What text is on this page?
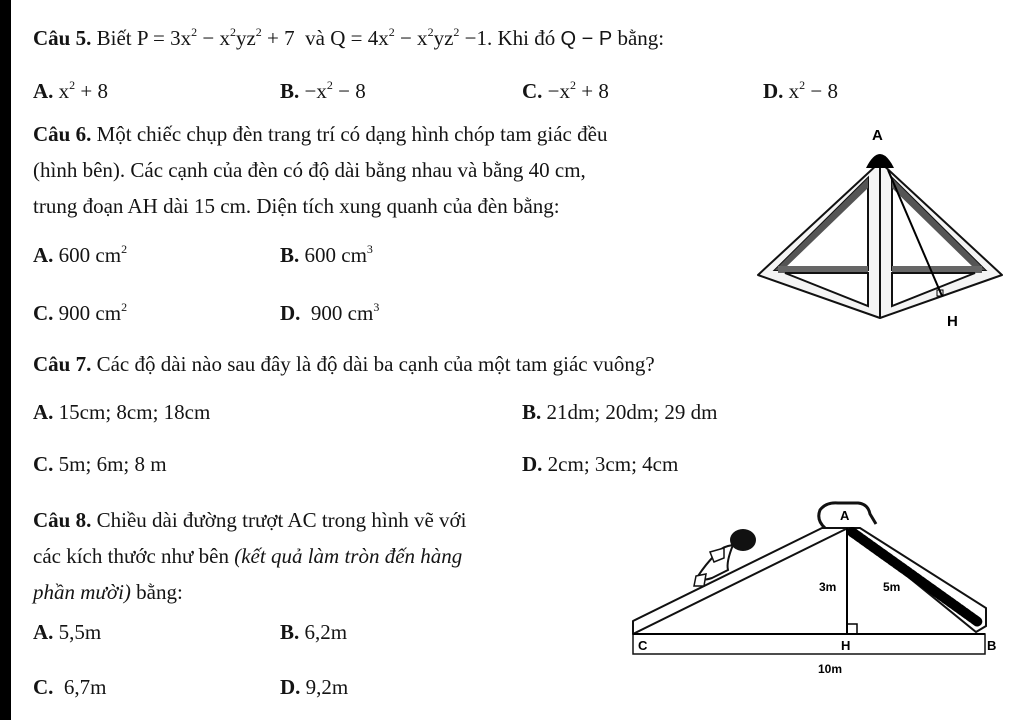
Câu 5. Biết $P = 3x^2 - x^2yz^2 + 7$ và $Q = 4x^2 - x^2yz^2 -1$. Khi đó Q − P bằng:
A. $x^2 + 8$	B. $-x^2 - 8$	C. $-x^2 + 8$	D. $x^2 - 8$
Câu 6. Một chiếc chụp đèn trang trí có dạng hình chóp tam giác đều
(hình bên). Các cạnh của đèn có độ dài bằng nhau và bằng 40 cm,
trung đoạn AH dài 15 cm. Diện tích xung quanh của đèn bằng:
A. 600 $cm^2$	B. 600 $cm^3$
C. 900 $cm^2$	D. 900 $cm^3$
A
H
Câu 7. Các độ dài nào sau đây là độ dài ba cạnh của một tam giác vuông?
A. 15cm; 8cm; 18cm	B. 21dm; 20dm; 29 dm
C. 5m; 6m; 8 m	D. 2cm; 3cm; 4cm
Câu 8. Chiều dài đường trượt AC trong hình vẽ với
các kích thước như bên (kết quả làm tròn đến hàng
phần mười) bằng:
A. 5,5m	B. 6,2m
C. 6,7m	D. 9,2m
A
C	H	B
3m	5m
10m
